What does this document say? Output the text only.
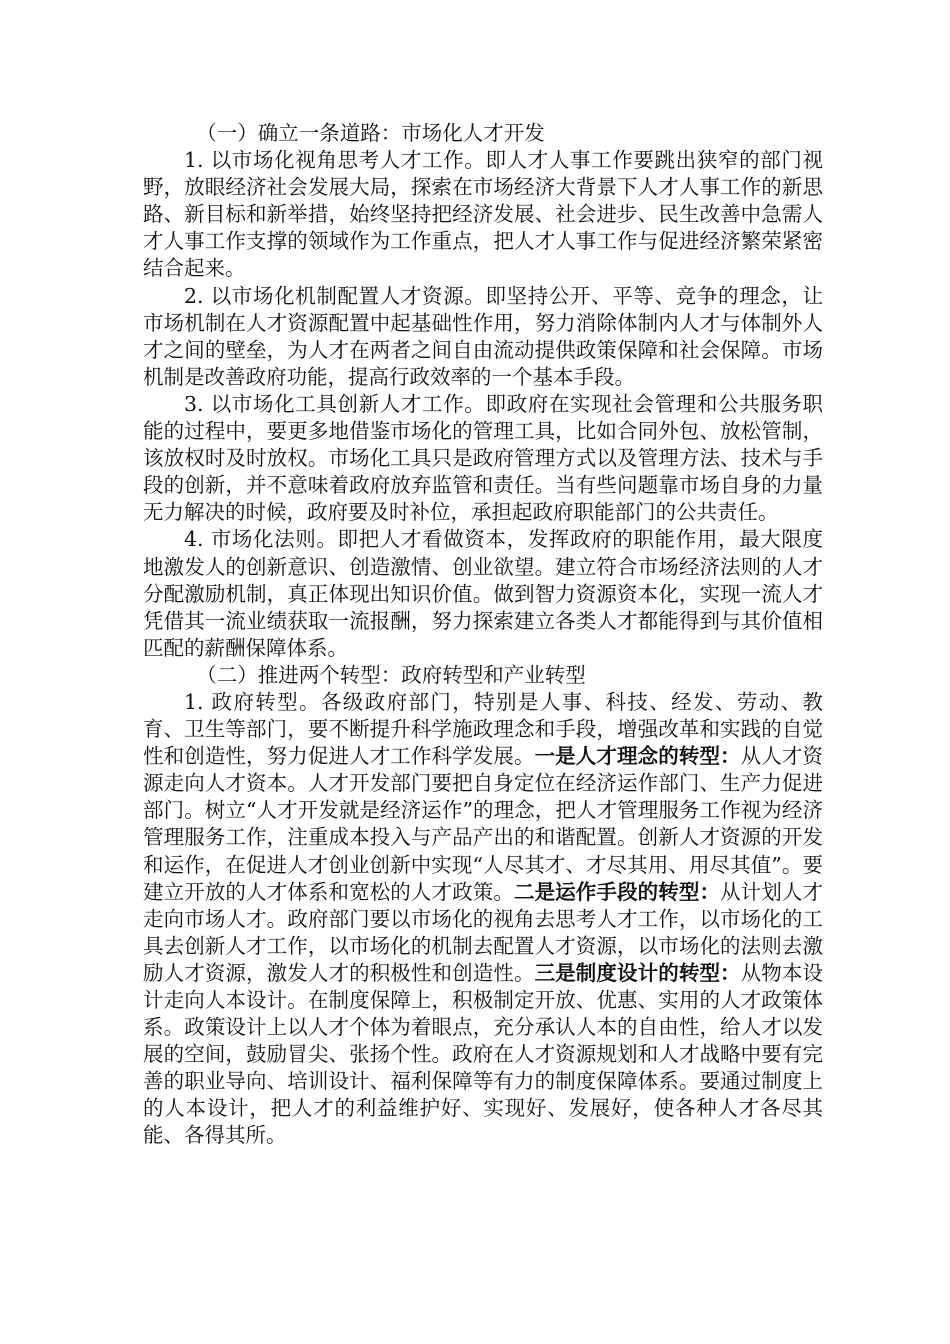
（一）确立一条道路：市场化人才开发

1. 以市场化视角思考人才工作。即人才人事工作要跳出狭窄的部门视野，放眼经济社会发展大局，探索在市场经济大背景下人才人事工作的新思路、新目标和新举措，始终坚持把经济发展、社会进步、民生改善中急需人才人事工作支撑的领域作为工作重点，把人才人事工作与促进经济繁荣紧密结合起来。

2. 以市场化机制配置人才资源。即坚持公开、平等、竞争的理念，让市场机制在人才资源配置中起基础性作用，努力消除体制内人才与体制外人才之间的壁垒，为人才在两者之间自由流动提供政策保障和社会保障。市场机制是改善政府功能，提高行政效率的一个基本手段。

3. 以市场化工具创新人才工作。即政府在实现社会管理和公共服务职能的过程中，要更多地借鉴市场化的管理工具，比如合同外包、放松管制，该放权时及时放权。市场化工具只是政府管理方式以及管理方法、技术与手段的创新，并不意味着政府放弃监管和责任。当有些问题靠市场自身的力量无力解决的时候，政府要及时补位，承担起政府职能部门的公共责任。

4. 市场化法则。即把人才看做资本，发挥政府的职能作用，最大限度地激发人的创新意识、创造激情、创业欲望。建立符合市场经济法则的人才分配激励机制，真正体现出知识价值。做到智力资源资本化，实现一流人才凭借其一流业绩获取一流报酬，努力探索建立各类人才都能得到与其价值相匹配的薪酬保障体系。

（二）推进两个转型：政府转型和产业转型

1. 政府转型。各级政府部门，特别是人事、科技、经发、劳动、教育、卫生等部门，要不断提升科学施政理念和手段，增强改革和实践的自觉性和创造性，努力促进人才工作科学发展。一是人才理念的转型：从人才资源走向人才资本。人才开发部门要把自身定位在经济运作部门、生产力促进部门。树立“人才开发就是经济运作”的理念，把人才管理服务工作视为经济管理服务工作，注重成本投入与产品产出的和谐配置。创新人才资源的开发和运作，在促进人才创业创新中实现“人尽其才、才尽其用、用尽其值”。要建立开放的人才体系和宽松的人才政策。二是运作手段的转型：从计划人才走向市场人才。政府部门要以市场化的视角去思考人才工作，以市场化的工具去创新人才工作，以市场化的机制去配置人才资源，以市场化的法则去激励人才资源，激发人才的积极性和创造性。三是制度设计的转型：从物本设计走向人本设计。在制度保障上，积极制定开放、优惠、实用的人才政策体系。政策设计上以人才个体为着眼点，充分承认人本的自由性，给人才以发展的空间，鼓励冒尖、张扬个性。政府在人才资源规划和人才战略中要有完善的职业导向、培训设计、福利保障等有力的制度保障体系。要通过制度上的人本设计，把人才的利益维护好、实现好、发展好，使各种人才各尽其能、各得其所。
